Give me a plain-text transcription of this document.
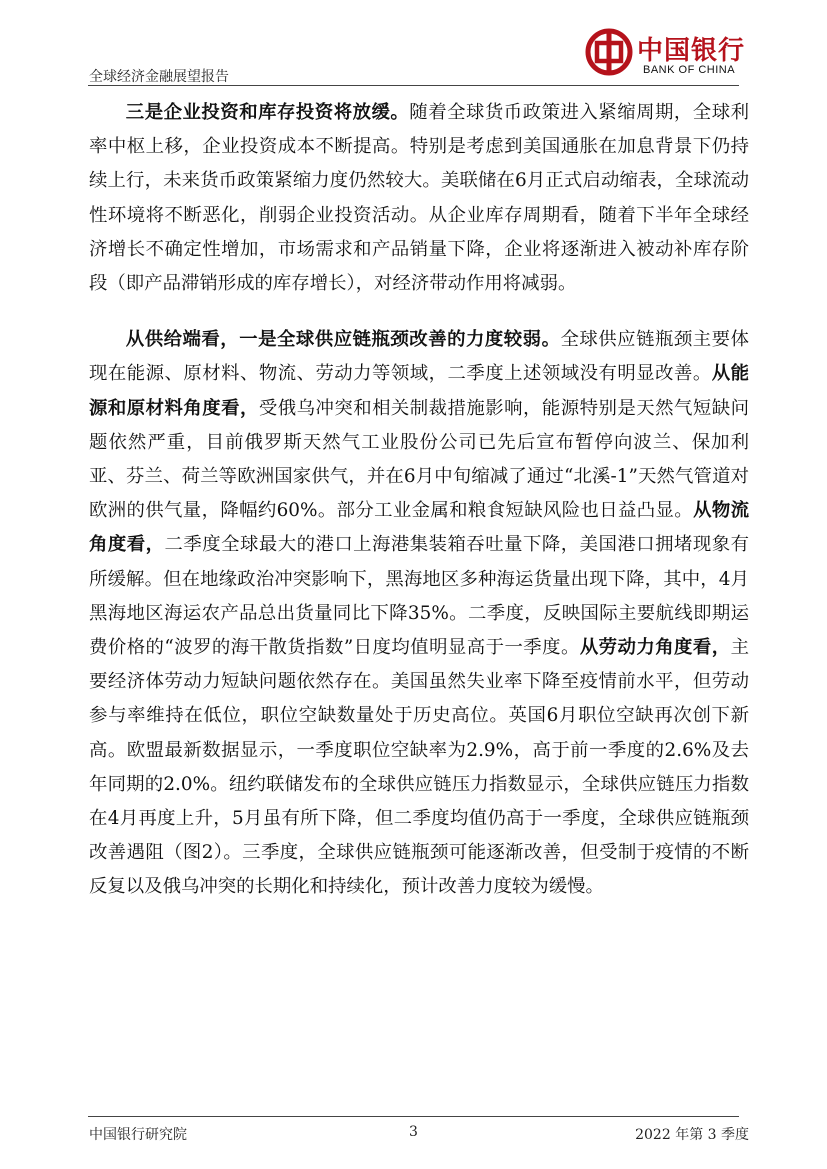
全球经济金融展望报告
中国银行
BANK OF CHINA

三是企业投资和库存投资将放缓。随着全球货币政策进入紧缩周期，全球利率中枢上移，企业投资成本不断提高。特别是考虑到美国通胀在加息背景下仍持续上行，未来货币政策紧缩力度仍然较大。美联储在6月正式启动缩表，全球流动性环境将不断恶化，削弱企业投资活动。从企业库存周期看，随着下半年全球经济增长不确定性增加，市场需求和产品销量下降，企业将逐渐进入被动补库存阶段（即产品滞销形成的库存增长），对经济带动作用将减弱。

从供给端看，一是全球供应链瓶颈改善的力度较弱。全球供应链瓶颈主要体现在能源、原材料、物流、劳动力等领域，二季度上述领域没有明显改善。从能源和原材料角度看，受俄乌冲突和相关制裁措施影响，能源特别是天然气短缺问题依然严重，目前俄罗斯天然气工业股份公司已先后宣布暂停向波兰、保加利亚、芬兰、荷兰等欧洲国家供气，并在6月中旬缩减了通过“北溪-1”天然气管道对欧洲的供气量，降幅约60%。部分工业金属和粮食短缺风险也日益凸显。从物流角度看，二季度全球最大的港口上海港集装箱吞吐量下降，美国港口拥堵现象有所缓解。但在地缘政治冲突影响下，黑海地区多种海运货量出现下降，其中，4月黑海地区海运农产品总出货量同比下降35%。二季度，反映国际主要航线即期运费价格的“波罗的海干散货指数”日度均值明显高于一季度。从劳动力角度看，主要经济体劳动力短缺问题依然存在。美国虽然失业率下降至疫情前水平，但劳动参与率维持在低位，职位空缺数量处于历史高位。英国6月职位空缺再次创下新高。欧盟最新数据显示，一季度职位空缺率为2.9%，高于前一季度的2.6%及去年同期的2.0%。纽约联储发布的全球供应链压力指数显示，全球供应链压力指数在4月再度上升，5月虽有所下降，但二季度均值仍高于一季度，全球供应链瓶颈改善遇阻（图2）。三季度，全球供应链瓶颈可能逐渐改善，但受制于疫情的不断反复以及俄乌冲突的长期化和持续化，预计改善力度较为缓慢。

中国银行研究院	3	2022 年第 3 季度
